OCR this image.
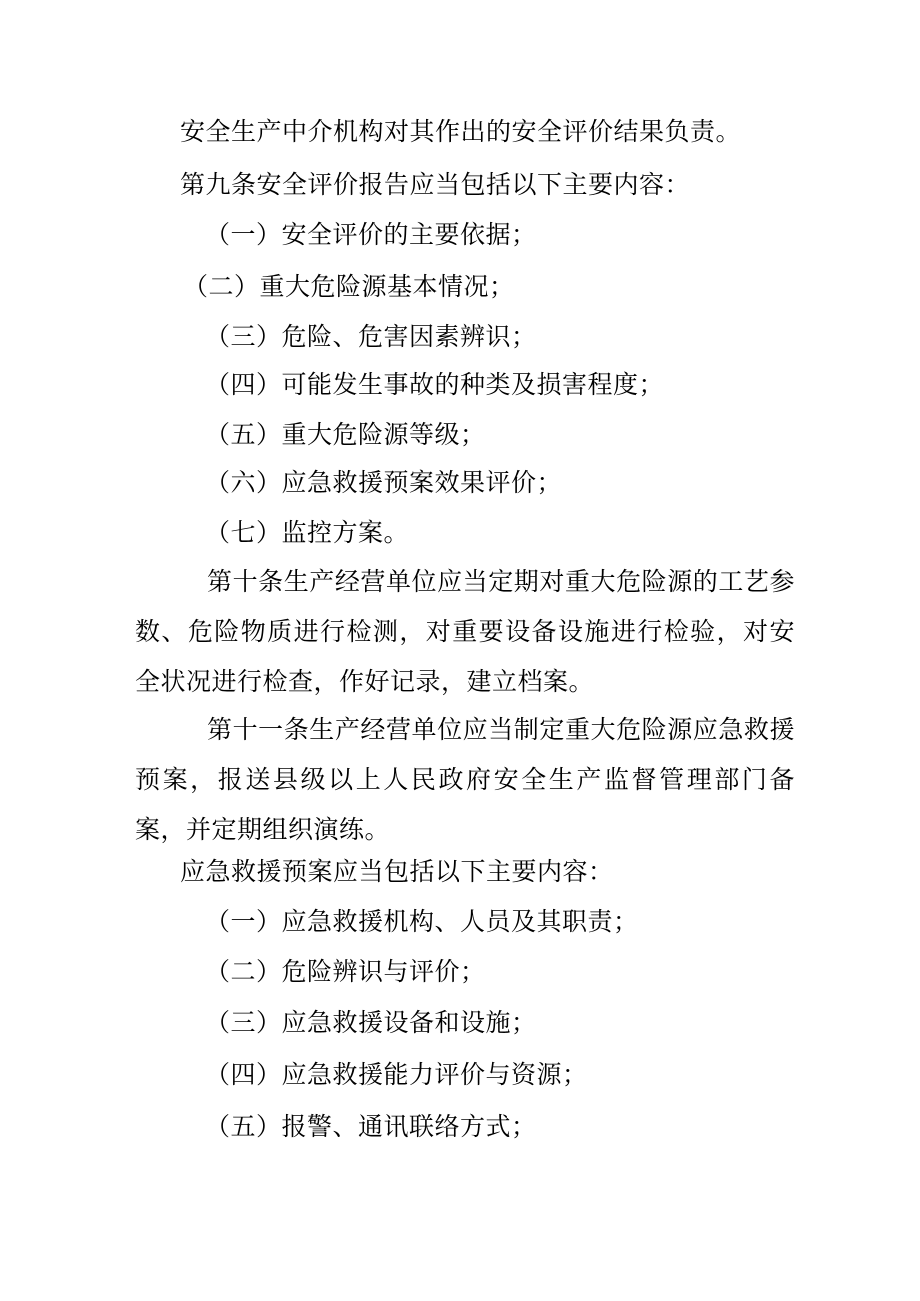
安全生产中介机构对其作出的安全评价结果负责。
第九条安全评价报告应当包括以下主要内容：
（一）安全评价的主要依据；
（二）重大危险源基本情况；
（三）危险、危害因素辨识；
（四）可能发生事故的种类及损害程度；
（五）重大危险源等级；
（六）应急救援预案效果评价；
（七）监控方案。
第十条生产经营单位应当定期对重大危险源的工艺参数、危险物质进行检测，对重要设备设施进行检验，对安全状况进行检查，作好记录，建立档案。
第十一条生产经营单位应当制定重大危险源应急救援预案，报送县级以上人民政府安全生产监督管理部门备案，并定期组织演练。
应急救援预案应当包括以下主要内容：
（一）应急救援机构、人员及其职责；
（二）危险辨识与评价；
（三）应急救援设备和设施；
（四）应急救援能力评价与资源；
（五）报警、通讯联络方式；
